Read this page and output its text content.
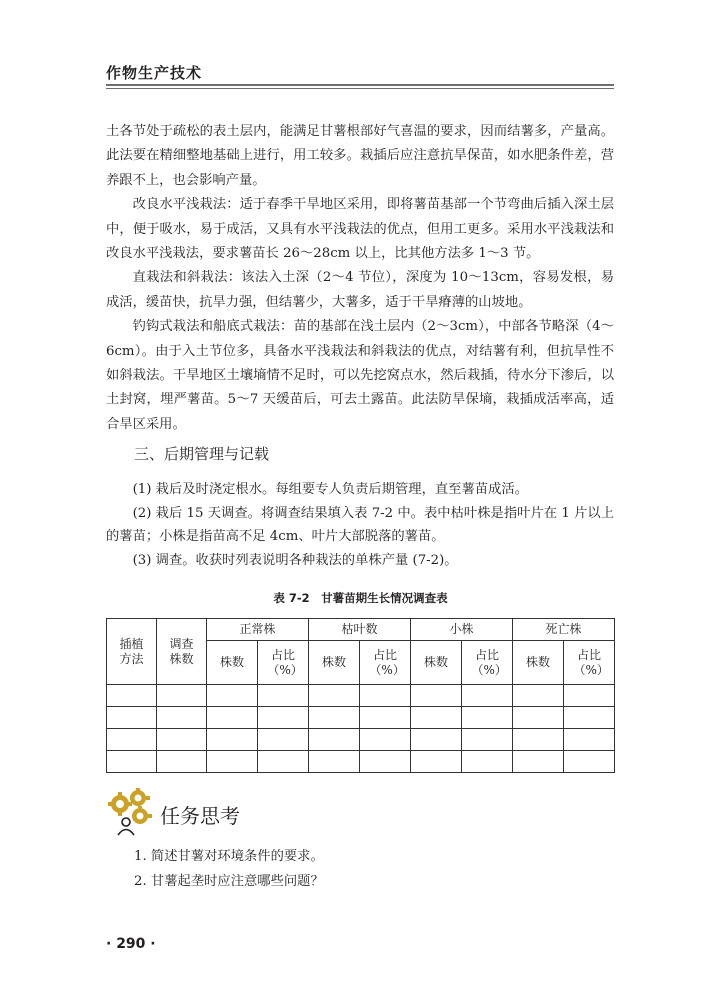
作物生产技术

土各节处于疏松的表土层内，能满足甘薯根部好气喜温的要求，因而结薯多，产量高。此法要在精细整地基础上进行，用工较多。栽插后应注意抗旱保苗，如水肥条件差，营养跟不上，也会影响产量。

改良水平浅栽法：适于春季干旱地区采用，即将薯苗基部一个节弯曲后插入深土层中，便于吸水，易于成活，又具有水平浅栽法的优点，但用工更多。采用水平浅栽法和改良水平浅栽法，要求薯苗长 26～28cm 以上，比其他方法多 1～3 节。

直栽法和斜栽法：该法入土深（2～4 节位），深度为 10～13cm，容易发根，易成活，缓苗快，抗旱力强，但结薯少，大薯多，适于干旱瘠薄的山坡地。

钓钩式栽法和船底式栽法：苗的基部在浅土层内（2～3cm），中部各节略深（4～6cm）。由于入土节位多，具备水平浅栽法和斜栽法的优点，对结薯有利，但抗旱性不如斜栽法。干旱地区土壤墒情不足时，可以先挖窝点水，然后栽插，待水分下渗后，以土封窝，埋严薯苗。5～7 天缓苗后，可去土露苗。此法防旱保墒，栽插成活率高，适合旱区采用。

三、后期管理与记载

(1) 栽后及时浇定根水。每组要专人负责后期管理，直至薯苗成活。

(2) 栽后 15 天调查。将调查结果填入表 7-2 中。表中枯叶株是指叶片在 1 片以上的薯苗；小株是指苗高不足 4cm、叶片大部脱落的薯苗。

(3) 调查。收获时列表说明各种栽法的单株产量 (7-2)。

表 7-2　甘薯苗期生长情况调查表
插植方法	调查株数	正常株		枯叶数		小株		死亡株	
		株数	占比（%）	株数	占比（%）	株数	占比（%）	株数	占比（%）

任务思考
1. 简述甘薯对环境条件的要求。
2. 甘薯起垄时应注意哪些问题？
· 290 ·
